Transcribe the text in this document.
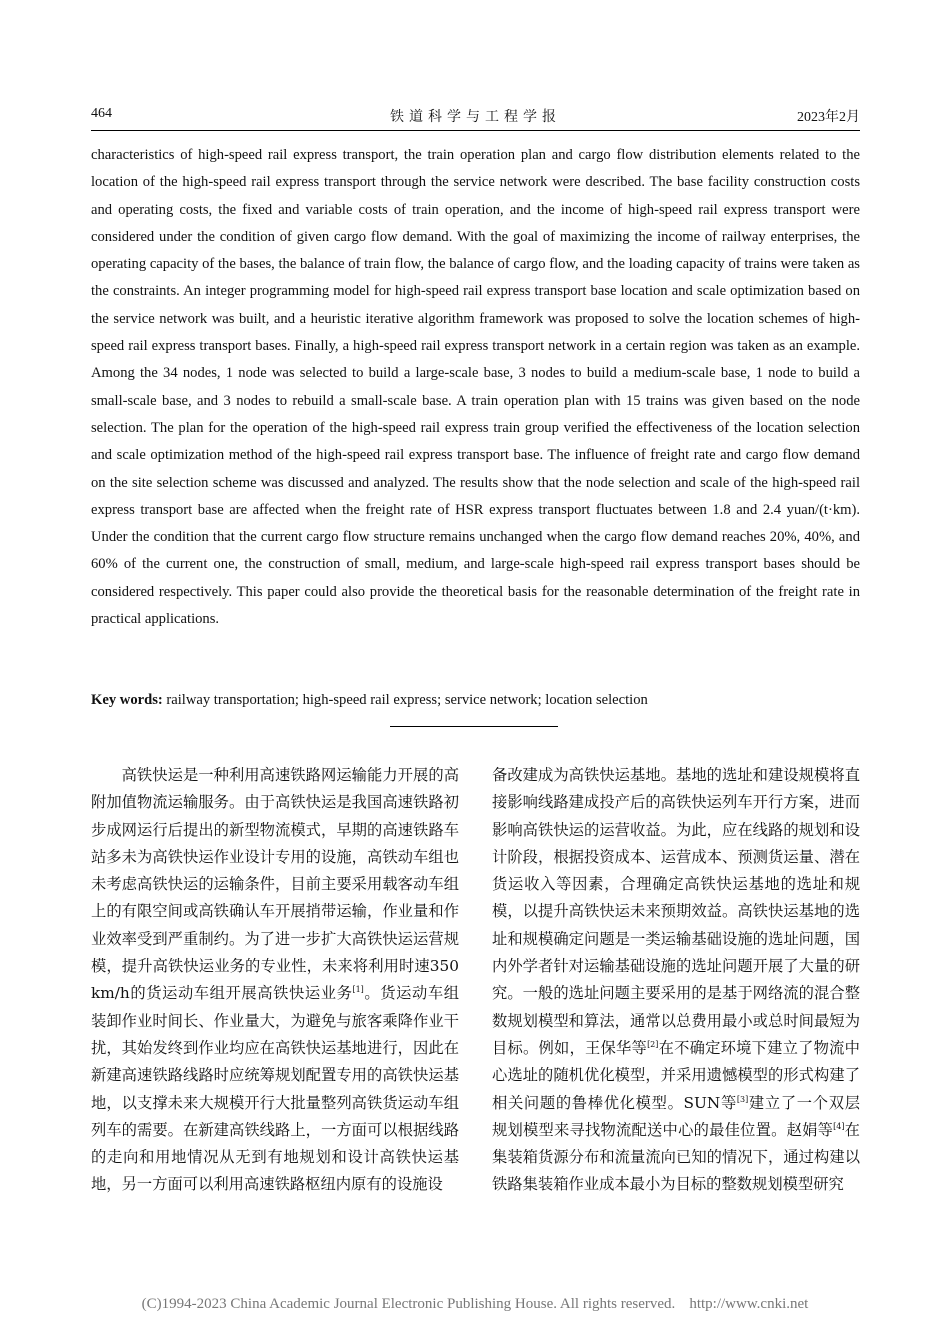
464	铁道科学与工程学报	2023年2月

characteristics of high-speed rail express transport, the train operation plan and cargo flow distribution elements related to the location of the high-speed rail express transport through the service network were described. The base facility construction costs and operating costs, the fixed and variable costs of train operation, and the income of high-speed rail express transport were considered under the condition of given cargo flow demand. With the goal of maximizing the income of railway enterprises, the operating capacity of the bases, the balance of train flow, the balance of cargo flow, and the loading capacity of trains were taken as the constraints. An integer programming model for high-speed rail express transport base location and scale optimization based on the service network was built, and a heuristic iterative algorithm framework was proposed to solve the location schemes of high-speed rail express transport bases. Finally, a high-speed rail express transport network in a certain region was taken as an example. Among the 34 nodes, 1 node was selected to build a large-scale base, 3 nodes to build a medium-scale base, 1 node to build a small-scale base, and 3 nodes to rebuild a small-scale base. A train operation plan with 15 trains was given based on the node selection. The plan for the operation of the high-speed rail express train group verified the effectiveness of the location selection and scale optimization method of the high-speed rail express transport base. The influence of freight rate and cargo flow demand on the site selection scheme was discussed and analyzed. The results show that the node selection and scale of the high-speed rail express transport base are affected when the freight rate of HSR express transport fluctuates between 1.8 and 2.4 yuan/(t·km). Under the condition that the current cargo flow structure remains unchanged when the cargo flow demand reaches 20%, 40%, and 60% of the current one, the construction of small, medium, and large-scale high-speed rail express transport bases should be considered respectively. This paper could also provide the theoretical basis for the reasonable determination of the freight rate in practical applications.

Key words: railway transportation; high-speed rail express; service network; location selection

高铁快运是一种利用高速铁路网运输能力开展的高附加值物流运输服务。由于高铁快运是我国高速铁路初步成网运行后提出的新型物流模式，早期的高速铁路车站多未为高铁快运作业设计专用的设施，高铁动车组也未考虑高铁快运的运输条件，目前主要采用载客动车组上的有限空间或高铁确认车开展捎带运输，作业量和作业效率受到严重制约。为了进一步扩大高铁快运运营规模，提升高铁快运业务的专业性，未来将利用时速350 km/h的货运动车组开展高铁快运业务[1]。货运动车组装卸作业时间长、作业量大，为避免与旅客乘降作业干扰，其始发终到作业均应在高铁快运基地进行，因此在新建高速铁路线路时应统筹规划配置专用的高铁快运基地，以支撑未来大规模开行大批量整列高铁货运动车组列车的需要。在新建高铁线路上，一方面可以根据线路的走向和用地情况从无到有地规划和设计高铁快运基地，另一方面可以利用高速铁路枢纽内原有的设施设

备改建成为高铁快运基地。基地的选址和建设规模将直接影响线路建成投产后的高铁快运列车开行方案，进而影响高铁快运的运营收益。为此，应在线路的规划和设计阶段，根据投资成本、运营成本、预测货运量、潜在货运收入等因素，合理确定高铁快运基地的选址和规模，以提升高铁快运未来预期效益。高铁快运基地的选址和规模确定问题是一类运输基础设施的选址问题，国内外学者针对运输基础设施的选址问题开展了大量的研究。一般的选址问题主要采用的是基于网络流的混合整数规划模型和算法，通常以总费用最小或总时间最短为目标。例如，王保华等[2]在不确定环境下建立了物流中心选址的随机优化模型，并采用遗憾模型的形式构建了相关问题的鲁棒优化模型。SUN等[3]建立了一个双层规划模型来寻找物流配送中心的最佳位置。赵娟等[4]在集装箱货源分布和流量流向已知的情况下，通过构建以铁路集装箱作业成本最小为目标的整数规划模型研究

(C)1994-2023 China Academic Journal Electronic Publishing House. All rights reserved. http://www.cnki.net
